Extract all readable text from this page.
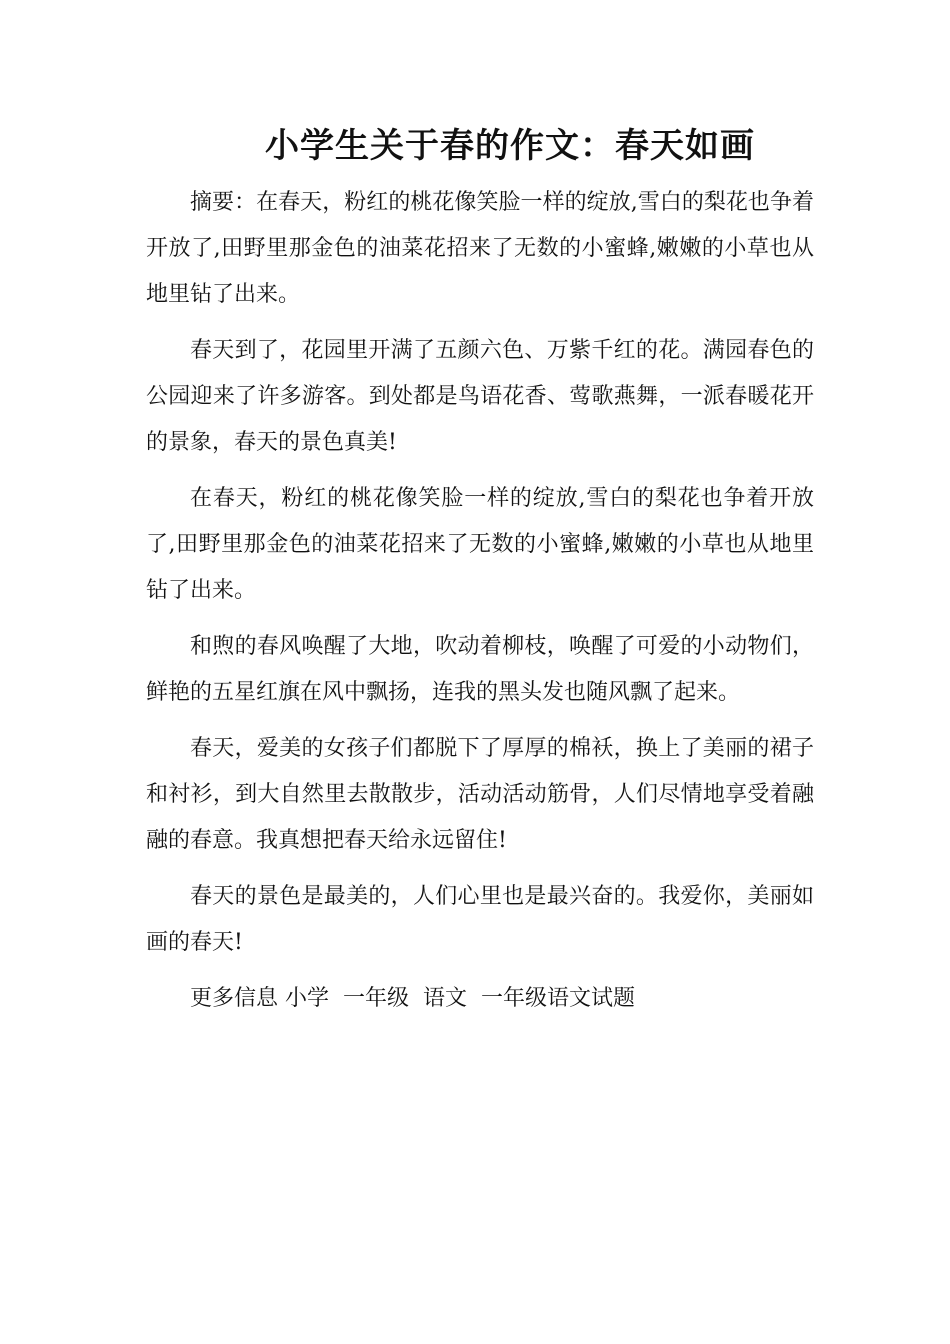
小学生关于春的作文：春天如画

摘要：在春天，粉红的桃花像笑脸一样的绽放,雪白的梨花也争着开放了,田野里那金色的油菜花招来了无数的小蜜蜂,嫩嫩的小草也从地里钻了出来。

春天到了，花园里开满了五颜六色、万紫千红的花。满园春色的公园迎来了许多游客。到处都是鸟语花香、莺歌燕舞，一派春暖花开的景象，春天的景色真美!

在春天，粉红的桃花像笑脸一样的绽放,雪白的梨花也争着开放了,田野里那金色的油菜花招来了无数的小蜜蜂,嫩嫩的小草也从地里钻了出来。

和煦的春风唤醒了大地，吹动着柳枝，唤醒了可爱的小动物们，鲜艳的五星红旗在风中飘扬，连我的黑头发也随风飘了起来。

春天，爱美的女孩子们都脱下了厚厚的棉袄，换上了美丽的裙子和衬衫，到大自然里去散散步，活动活动筋骨，人们尽情地享受着融融的春意。我真想把春天给永远留住!

春天的景色是最美的，人们心里也是最兴奋的。我爱你，美丽如画的春天!

更多信息 小学  一年级  语文  一年级语文试题
